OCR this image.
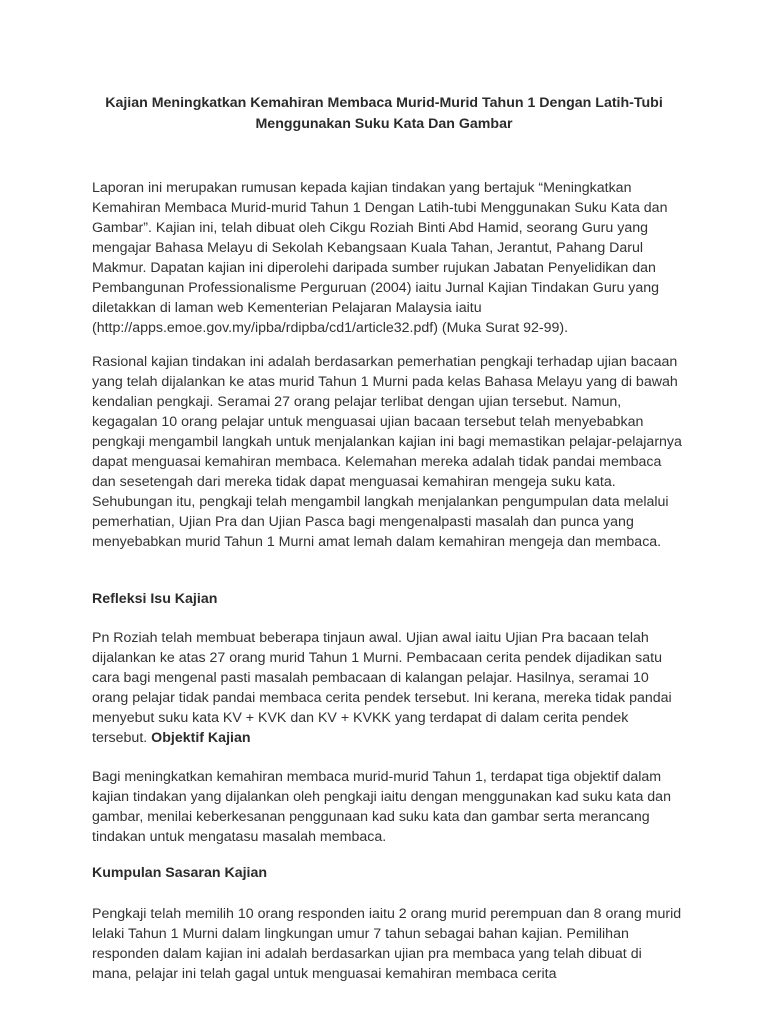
Kajian Meningkatkan Kemahiran Membaca Murid-Murid Tahun 1 Dengan Latih-Tubi Menggunakan Suku Kata Dan Gambar

Laporan ini merupakan rumusan kepada kajian tindakan yang bertajuk “Meningkatkan Kemahiran Membaca Murid-murid Tahun 1 Dengan Latih-tubi Menggunakan Suku Kata dan Gambar”. Kajian ini, telah dibuat oleh Cikgu Roziah Binti Abd Hamid, seorang Guru yang mengajar Bahasa Melayu di Sekolah Kebangsaan Kuala Tahan, Jerantut, Pahang Darul Makmur. Dapatan kajian ini diperolehi daripada sumber rujukan Jabatan Penyelidikan dan Pembangunan Professionalisme Perguruan (2004) iaitu Jurnal Kajian Tindakan Guru yang diletakkan di laman web Kementerian Pelajaran Malaysia iaitu (http://apps.emoe.gov.my/ipba/rdipba/cd1/article32.pdf) (Muka Surat 92-99).

Rasional kajian tindakan ini adalah berdasarkan pemerhatian pengkaji terhadap ujian bacaan yang telah dijalankan ke atas murid Tahun 1 Murni pada kelas Bahasa Melayu yang di bawah kendalian pengkaji. Seramai 27 orang pelajar terlibat dengan ujian tersebut. Namun, kegagalan 10 orang pelajar untuk menguasai ujian bacaan tersebut telah menyebabkan pengkaji mengambil langkah untuk menjalankan kajian ini bagi memastikan pelajar-pelajarnya dapat menguasai kemahiran membaca. Kelemahan mereka adalah tidak pandai membaca dan sesetengah dari mereka tidak dapat menguasai kemahiran mengeja suku kata. Sehubungan itu, pengkaji telah mengambil langkah menjalankan pengumpulan data melalui pemerhatian, Ujian Pra dan Ujian Pasca bagi mengenalpasti masalah dan punca yang menyebabkan murid Tahun 1 Murni amat lemah dalam kemahiran mengeja dan membaca.

Refleksi Isu Kajian

Pn Roziah telah membuat beberapa tinjaun awal. Ujian awal iaitu Ujian Pra bacaan telah dijalankan ke atas 27 orang murid Tahun 1 Murni. Pembacaan cerita pendek dijadikan satu cara bagi mengenal pasti masalah pembacaan di kalangan pelajar. Hasilnya, seramai 10 orang pelajar tidak pandai membaca cerita pendek tersebut. Ini kerana, mereka tidak pandai menyebut suku kata KV + KVK dan KV + KVKK yang terdapat di dalam cerita pendek tersebut. Objektif Kajian

Bagi meningkatkan kemahiran membaca murid-murid Tahun 1, terdapat tiga objektif dalam kajian tindakan yang dijalankan oleh pengkaji iaitu dengan menggunakan kad suku kata dan gambar, menilai keberkesanan penggunaan kad suku kata dan gambar serta merancang tindakan untuk mengatasu masalah membaca.

Kumpulan Sasaran Kajian

Pengkaji telah memilih 10 orang responden iaitu 2 orang murid perempuan dan 8 orang murid lelaki Tahun 1 Murni dalam lingkungan umur 7 tahun sebagai bahan kajian. Pemilihan responden dalam kajian ini adalah berdasarkan ujian pra membaca yang telah dibuat di mana, pelajar ini telah gagal untuk menguasai kemahiran membaca cerita
